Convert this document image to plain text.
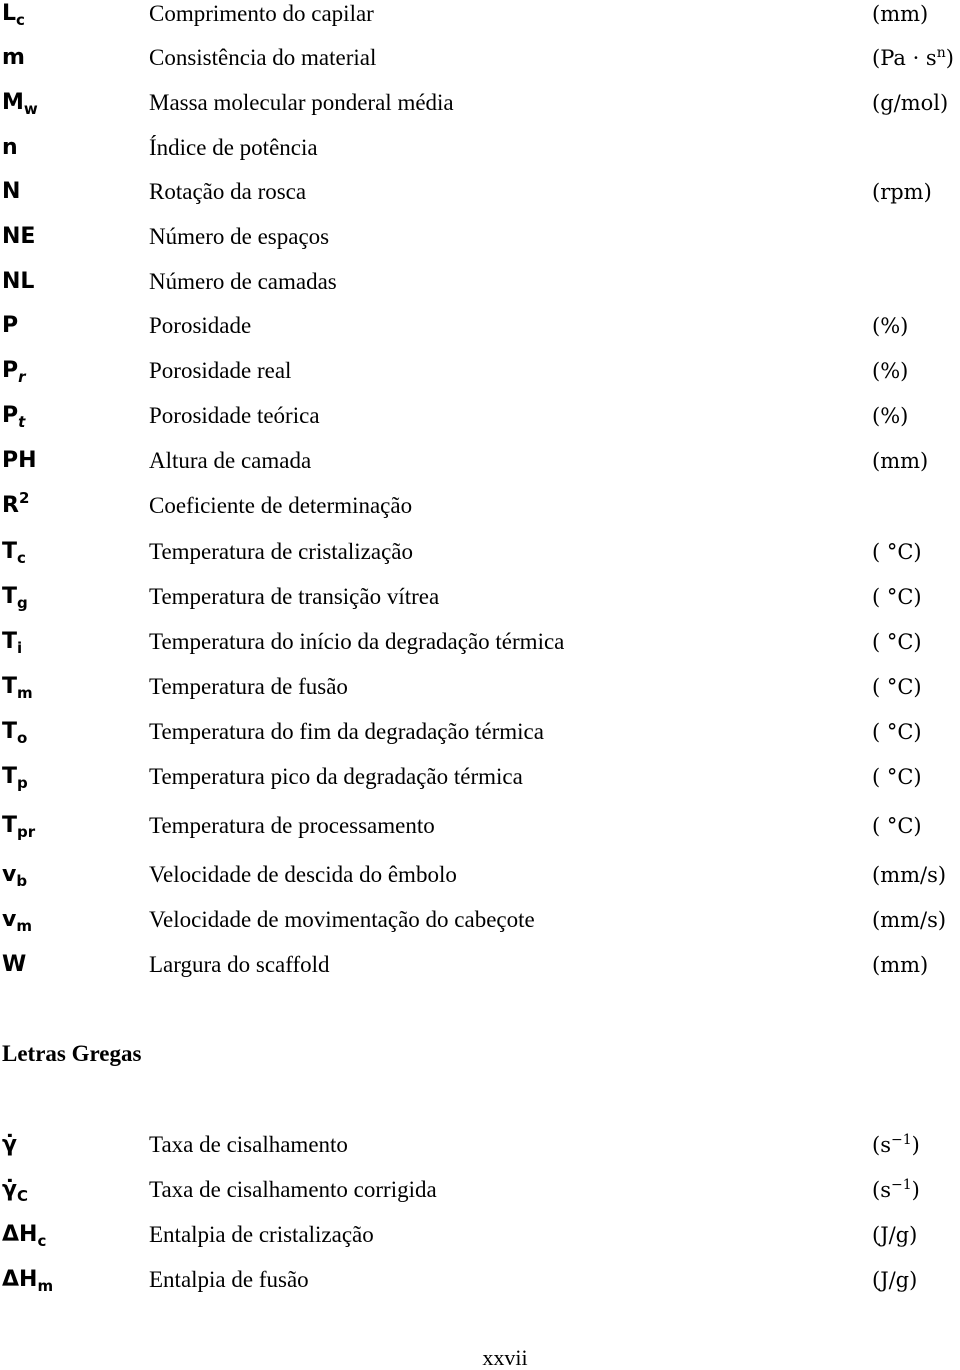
$L_c$	Comprimento do capilar	(mm)
m	Consistência do material	$(Pa \cdot s^n)$
$M_w$	Massa molecular ponderal média	(g/mol)
n	Índice de potência
N	Rotação da rosca	(rpm)
NE	Número de espaços
NL	Número de camadas
P	Porosidade	(%)
$P_r$	Porosidade real	(%)
$P_t$	Porosidade teórica	(%)
PH	Altura de camada	(mm)
$R^2$	Coeficiente de determinação
$T_c$	Temperatura de cristalização	( °C)
$T_g$	Temperatura de transição vítrea	( °C)
$T_i$	Temperatura do início da degradação térmica	( °C)
$T_m$	Temperatura de fusão	( °C)
$T_o$	Temperatura do fim da degradação térmica	( °C)
$T_p$	Temperatura pico da degradação térmica	( °C)
$T_{pr}$	Temperatura de processamento	( °C)
$v_b$	Velocidade de descida do êmbolo	(mm/s)
$v_m$	Velocidade de movimentação do cabeçote	(mm/s)
W	Largura do scaffold	(mm)
Letras Gregas
γ̇	Taxa de cisalhamento	$(s^{-1})$
$\gammȧ_C$	Taxa de cisalhamento corrigida	$(s^{-1})$
$\Delta H_c$	Entalpia de cristalização	(J/g)
$\Delta H_m$	Entalpia de fusão	(J/g)
xxvii
